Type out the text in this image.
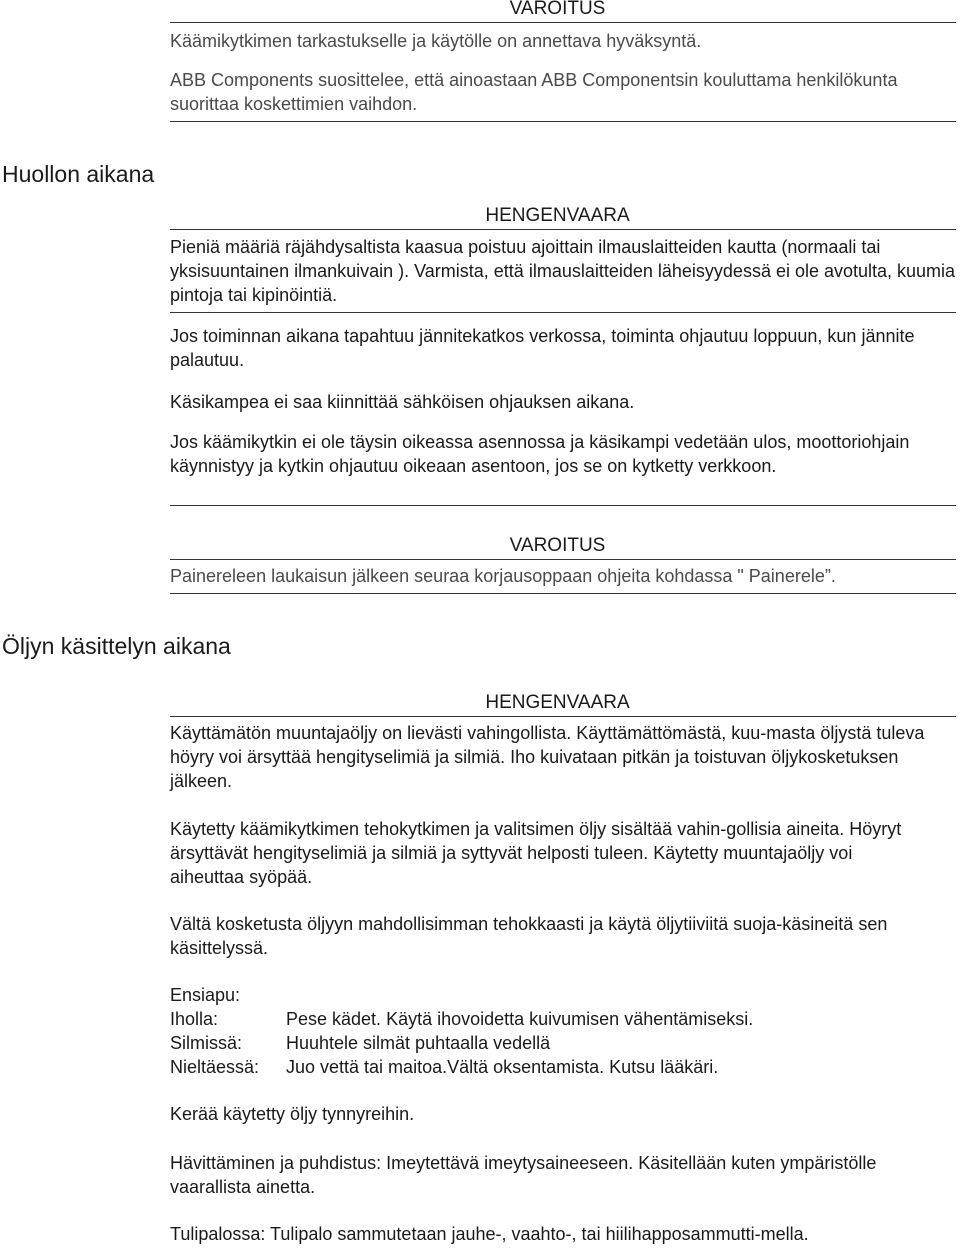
VAROITUS
Käämikytkimen tarkastukselle ja käytölle on annettava hyväksyntä.
ABB Components suosittelee, että ainoastaan ABB Componentsin kouluttama henkilökunta suorittaa koskettimien vaihdon.
Huollon aikana
HENGENVAARA
Pieniä määriä räjähdysaltista kaasua poistuu ajoittain ilmauslaitteiden kautta (normaali tai yksisuuntainen ilmankuivain ). Varmista, että ilmauslaitteiden läheisyydessä ei ole avotulta, kuumia pintoja tai kipinöintiä.
Jos toiminnan aikana tapahtuu jännitekatkos verkossa, toiminta ohjautuu loppuun, kun jännite palautuu.
Käsikampea ei saa kiinnittää sähköisen ohjauksen aikana.
Jos käämikytkin ei ole täysin oikeassa asennossa ja käsikampi vedetään ulos, moottoriohjain käynnistyy ja kytkin ohjautuu oikeaan asentoon, jos se on kytketty verkkoon.
VAROITUS
Painereleen laukaisun jälkeen seuraa korjausoppaan ohjeita kohdassa " Painerele”.
Öljyn käsittelyn aikana
HENGENVAARA
Käyttämätön muuntajaöljy on lievästi vahingollista. Käyttämättömästä, kuu-masta öljystä tuleva höyry voi ärsyttää hengityselimiä ja silmiä. Iho kuivataan pitkän ja toistuvan öljykosketuksen jälkeen.
Käytetty käämikytkimen tehokytkimen ja valitsimen öljy sisältää vahin-gollisia aineita. Höyryt ärsyttävät hengityselimiä ja silmiä ja syttyvät helposti tuleen. Käytetty muuntajaöljy voi aiheuttaa syöpää.
Vältä kosketusta öljyyn mahdollisimman tehokkaasti ja käytä öljytiiviitä suoja-käsineitä sen käsittelyssä.
Ensiapu:
Iholla:	Pese kädet. Käytä ihovoidetta kuivumisen vähentämiseksi.
Silmissä: Huuhtele silmät puhtaalla vedellä
Nieltäessä: Juo vettä tai maitoa.Vältä oksentamista. Kutsu lääkäri.
Kerää käytetty öljy tynnyreihin.
Hävittäminen ja puhdistus: Imeytettävä imeytysaineeseen. Käsitellään kuten ympäristölle vaarallista ainetta.
Tulipalossa: Tulipalo sammutetaan jauhe-, vaahto-, tai hiilihapposammutti-mella.
